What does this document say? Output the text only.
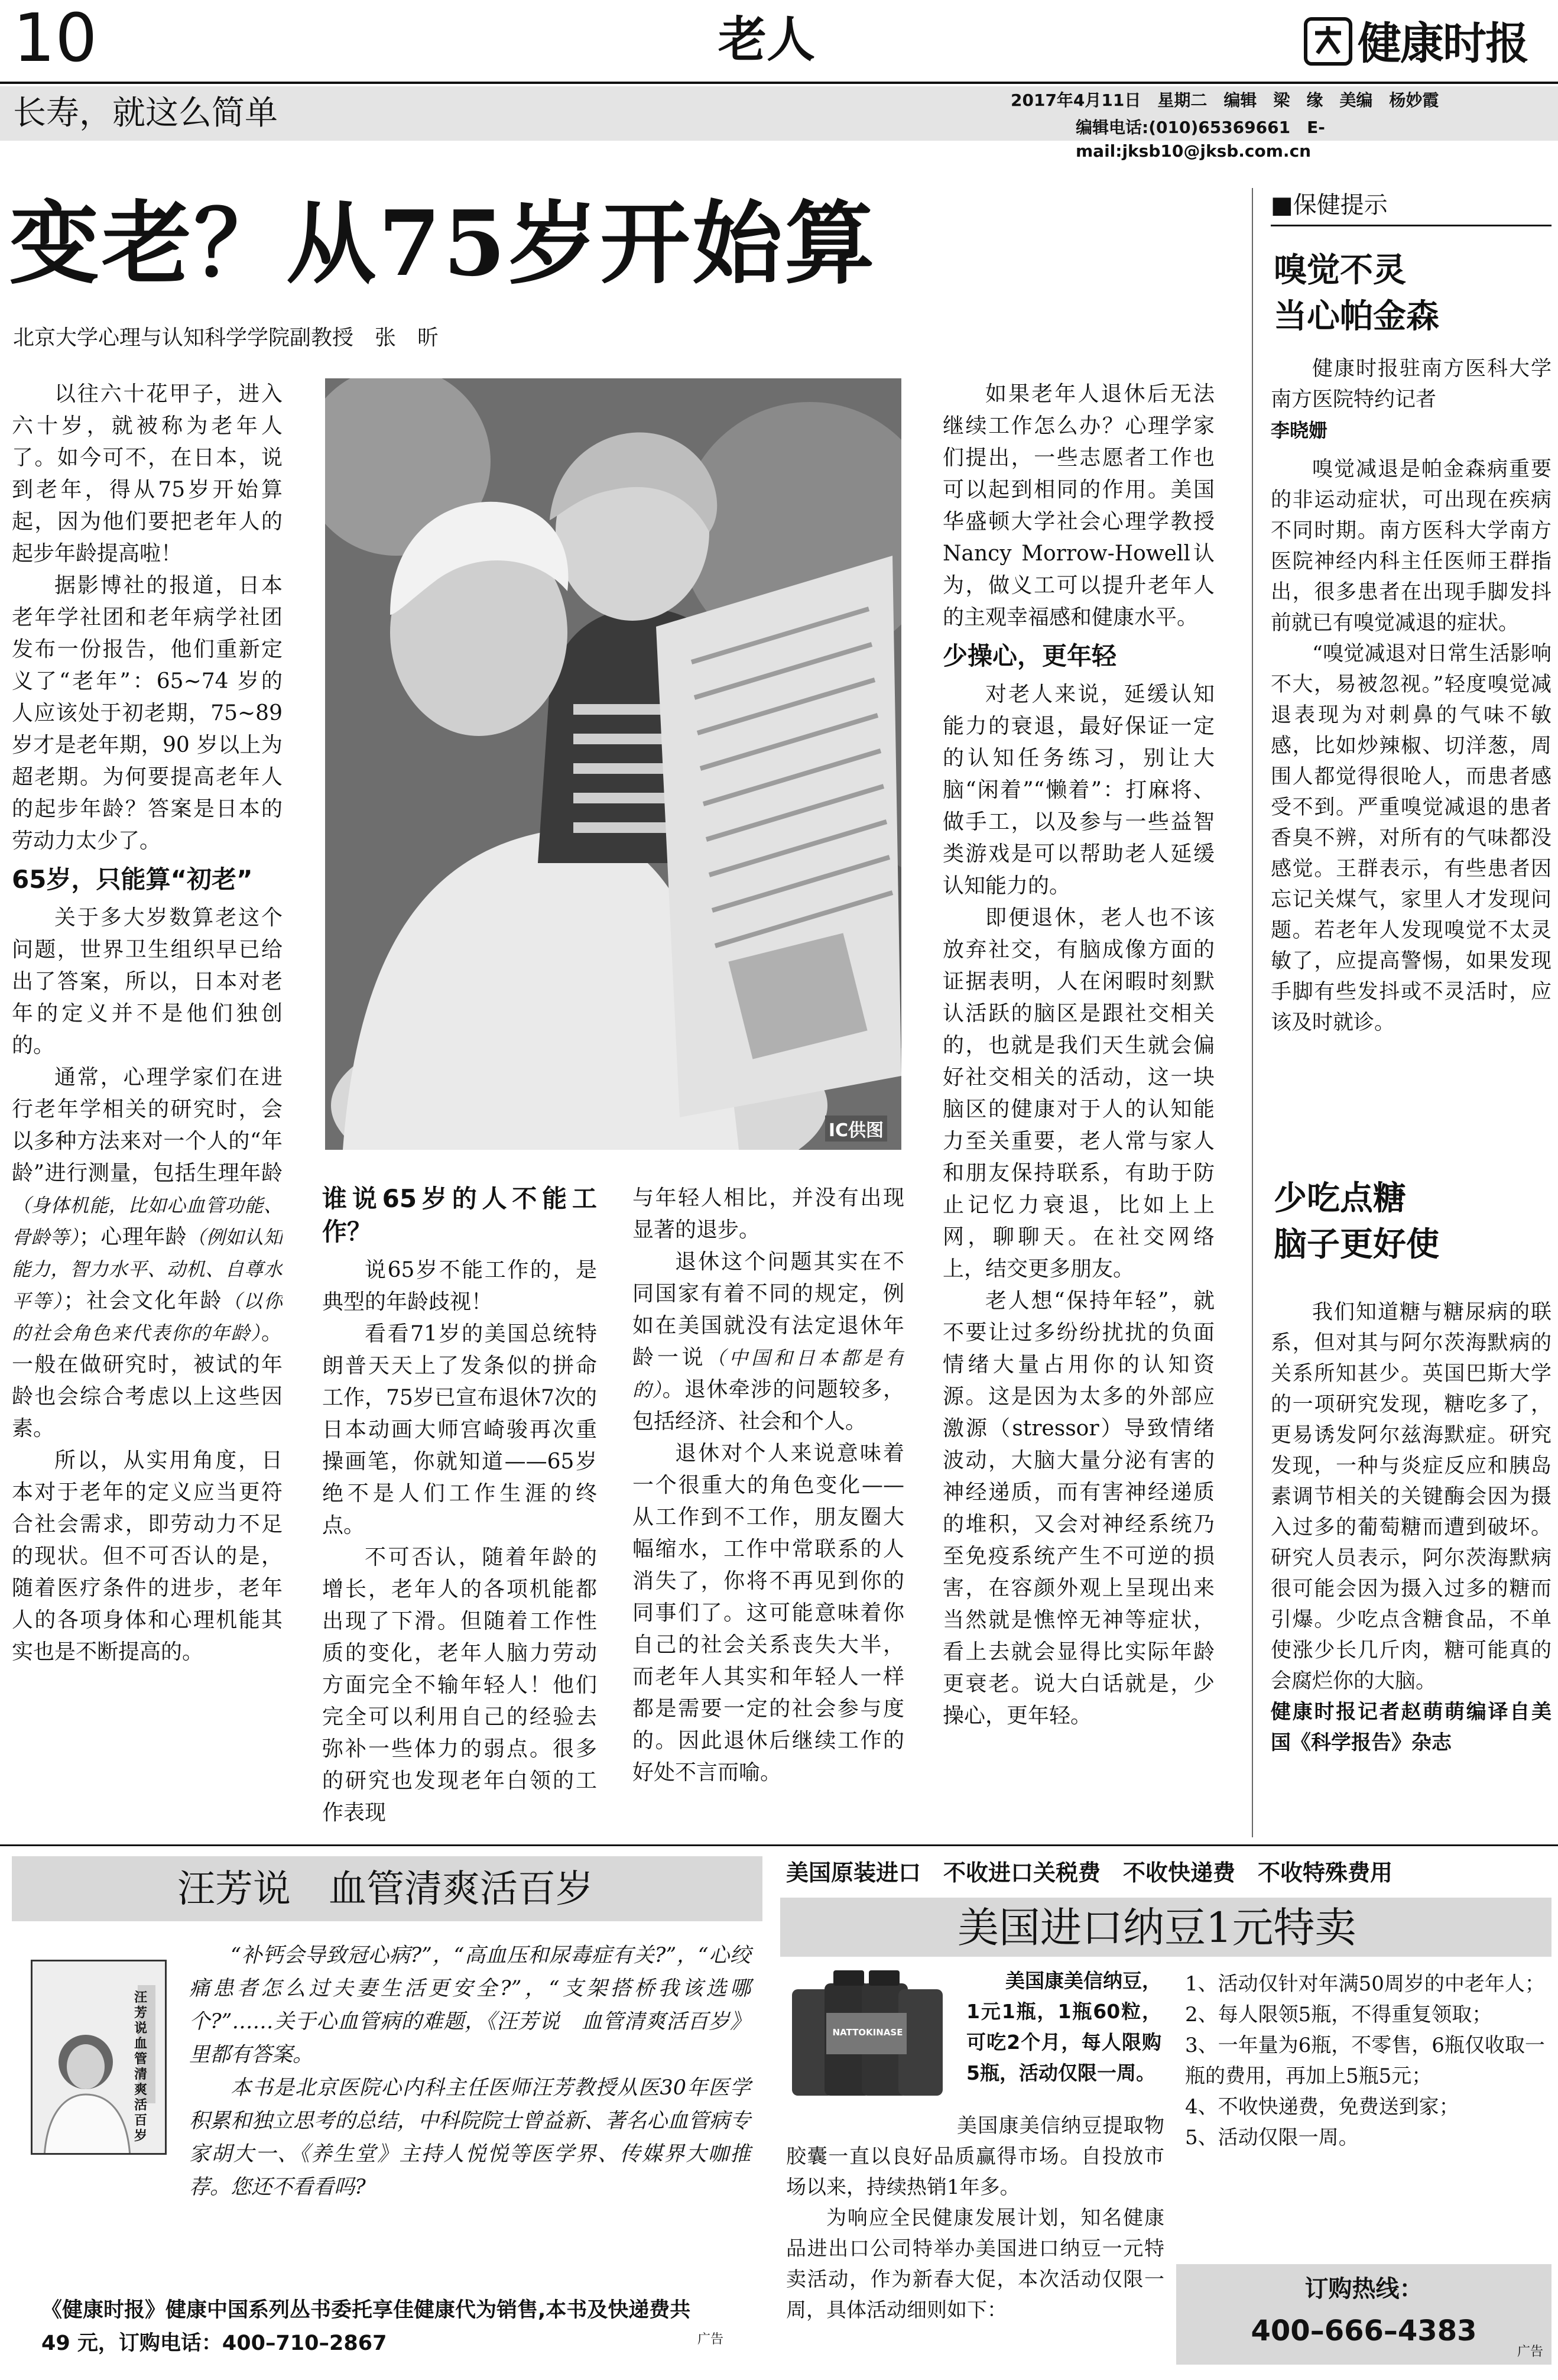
10	老人	健康时报
长寿，就这么简单	2017年4月11日　星期二　编辑　梁　缘　美编　杨妙霞
编辑电话:(010)65369661　E-mail:jksb10@jksb.com.cn
变老？从75岁开始算
北京大学心理与认知科学学院副教授　张　昕
IC供图

以往六十花甲子，进入六十岁，就被称为老年人了。如今可不，在日本，说到老年，得从75岁开始算起，因为他们要把老年人的起步年龄提高啦！

据影博社的报道，日本老年学社团和老年病学社团发布一份报告，他们重新定义了“老年”：65~74 岁的人应该处于初老期，75~89 岁才是老年期，90 岁以上为超老期。为何要提高老年人的起步年龄？答案是日本的劳动力太少了。

65岁，只能算“初老”

关于多大岁数算老这个问题，世界卫生组织早已给出了答案，所以，日本对老年的定义并不是他们独创的。

通常，心理学家们在进行老年学相关的研究时，会以多种方法来对一个人的“年龄”进行测量，包括生理年龄（身体机能，比如心血管功能、骨龄等）；心理年龄（例如认知能力，智力水平、动机、自尊水平等）；社会文化年龄（以你的社会角色来代表你的年龄）。一般在做研究时，被试的年龄也会综合考虑以上这些因素。

所以，从实用角度，日本对于老年的定义应当更符合社会需求，即劳动力不足的现状。但不可否认的是，随着医疗条件的进步，老年人的各项身体和心理机能其实也是不断提高的。

谁说65岁的人不能工作？

说65岁不能工作的，是典型的年龄歧视！

看看71岁的美国总统特朗普天天上了发条似的拼命工作，75岁已宣布退休7次的日本动画大师宫崎骏再次重操画笔，你就知道——65岁绝不是人们工作生涯的终点。

不可否认，随着年龄的增长，老年人的各项机能都出现了下滑。但随着工作性质的变化，老年人脑力劳动方面完全不输年轻人！他们完全可以利用自己的经验去弥补一些体力的弱点。很多的研究也发现老年白领的工作表现

与年轻人相比，并没有出现显著的退步。

退休这个问题其实在不同国家有着不同的规定，例如在美国就没有法定退休年龄一说（中国和日本都是有的）。退休牵涉的问题较多，包括经济、社会和个人。

退休对个人来说意味着一个很重大的角色变化——从工作到不工作，朋友圈大幅缩水，工作中常联系的人消失了，你将不再见到你的同事们了。这可能意味着你自己的社会关系丧失大半，而老年人其实和年轻人一样都是需要一定的社会参与度的。因此退休后继续工作的好处不言而喻。

如果老年人退休后无法继续工作怎么办？心理学家们提出，一些志愿者工作也可以起到相同的作用。美国华盛顿大学社会心理学教授Nancy Morrow-Howell认为，做义工可以提升老年人的主观幸福感和健康水平。

少操心，更年轻

对老人来说，延缓认知能力的衰退，最好保证一定的认知任务练习，别让大脑“闲着”“懒着”：打麻将、做手工，以及参与一些益智类游戏是可以帮助老人延缓认知能力的。

即便退休，老人也不该放弃社交，有脑成像方面的证据表明，人在闲暇时刻默认活跃的脑区是跟社交相关的，也就是我们天生就会偏好社交相关的活动，这一块脑区的健康对于人的认知能力至关重要，老人常与家人和朋友保持联系，有助于防止记忆力衰退，比如上上网，聊聊天。在社交网络上，结交更多朋友。

老人想“保持年轻”，就不要让过多纷纷扰扰的负面情绪大量占用你的认知资源。这是因为太多的外部应激源（stressor）导致情绪波动，大脑大量分泌有害的神经递质，而有害神经递质的堆积，又会对神经系统乃至免疫系统产生不可逆的损害，在容颜外观上呈现出来当然就是憔悴无神等症状，看上去就会显得比实际年龄更衰老。说大白话就是，少操心，更年轻。

■保健提示
嗅觉不灵
当心帕金森

健康时报驻南方医科大学南方医院特约记者

李晓姗

嗅觉减退是帕金森病重要的非运动症状，可出现在疾病不同时期。南方医科大学南方医院神经内科主任医师王群指出，很多患者在出现手脚发抖前就已有嗅觉减退的症状。

“嗅觉减退对日常生活影响不大，易被忽视。”轻度嗅觉减退表现为对刺鼻的气味不敏感，比如炒辣椒、切洋葱，周围人都觉得很呛人，而患者感受不到。严重嗅觉减退的患者香臭不辨，对所有的气味都没感觉。王群表示，有些患者因忘记关煤气，家里人才发现问题。若老年人发现嗅觉不太灵敏了，应提高警惕，如果发现手脚有些发抖或不灵活时，应该及时就诊。

少吃点糖
脑子更好使

我们知道糖与糖尿病的联系，但对其与阿尔茨海默病的关系所知甚少。英国巴斯大学的一项研究发现，糖吃多了，更易诱发阿尔兹海默症。研究发现，一种与炎症反应和胰岛素调节相关的关键酶会因为摄入过多的葡萄糖而遭到破坏。研究人员表示，阿尔茨海默病很可能会因为摄入过多的糖而引爆。少吃点含糖食品，不单使涨少长几斤肉，糖可能真的会腐烂你的大脑。

健康时报记者赵萌萌编译自美国《科学报告》杂志

汪芳说　血管清爽活百岁
汪芳说血管清爽活百岁

“补钙会导致冠心病?”，“高血压和尿毒症有关?”，“心绞痛患者怎么过夫妻生活更安全?”，“支架搭桥我该选哪个?”……关于心血管病的难题，《汪芳说　血管清爽活百岁》里都有答案。

本书是北京医院心内科主任医师汪芳教授从医30年医学积累和独立思考的总结，中科院院士曾益新、著名心血管病专家胡大一、《养生堂》主持人悦悦等医学界、传媒界大咖推荐。您还不看看吗?

《健康时报》健康中国系列丛书委托享佳健康代为销售,本书及快递费共 49 元，订购电话：400–710–2867	广告
美国原装进口　不收进口关税费　不收快递费　不收特殊费用
美国进口纳豆1元特卖
NATTOKINASE
美国康美信纳豆，1元1瓶，1瓶60粒，可吃2个月，每人限购5瓶，活动仅限一周。

美国康美信纳豆提取物胶囊一直以良好品质赢得市场。自投放市场以来，持续热销1年多。

为响应全民健康发展计划，知名健康品进出口公司特举办美国进口纳豆一元特卖活动，作为新春大促，本次活动仅限一周，具体活动细则如下：

1、活动仅针对年满50周岁的中老年人；

2、每人限领5瓶，不得重复领取；

3、一年量为6瓶，不零售，6瓶仅收取一瓶的费用，再加上5瓶5元；

4、不收快递费，免费送到家；

5、活动仅限一周。

订购热线：
400–666–4383
广告
